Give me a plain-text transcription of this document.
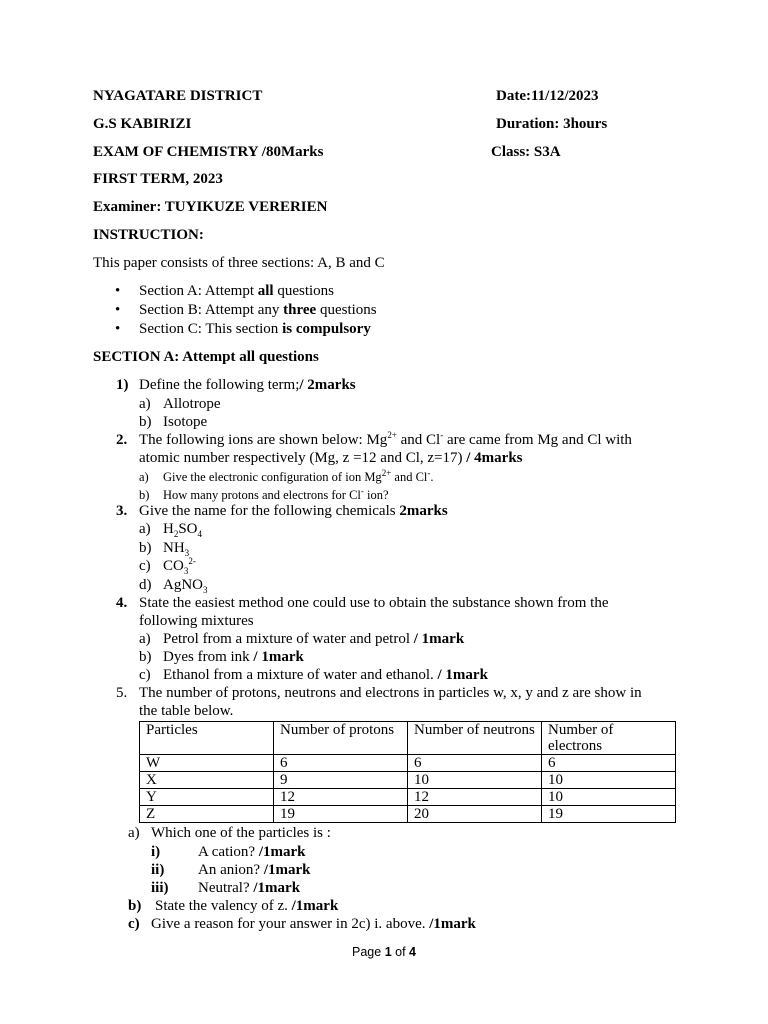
NYAGATARE DISTRICT	Date:11/12/2023
G.S KABIRIZI	Duration: 3hours
EXAM OF CHEMISTRY /80Marks	Class: S3A
FIRST TERM, 2023
Examiner: TUYIKUZE VERERIEN
INSTRUCTION:
This paper consists of three sections: A, B and C
• Section A: Attempt all questions
• Section B: Attempt any three questions
• Section C: This section is compulsory
SECTION A: Attempt all questions
1) Define the following term;/ 2marks
a) Allotrope
b) Isotope
2. The following ions are shown below: $Mg^{2+}$ and Cl- are came from Mg and Cl with
atomic number respectively (Mg, z =12 and Cl, z=17) / 4marks
a) Give the electronic configuration of ion $Mg^{2+}$ and Cl-.
b) How many protons and electrons for Cl- ion?
3. Give the name for the following chemicals 2marks
a) $H_2SO_4$
b) $NH_3$
c) $CO_3^{2-}$
d) AgNO$_3$
4. State the easiest method one could use to obtain the substance shown from the
following mixtures
a) Petrol from a mixture of water and petrol / 1mark
b) Dyes from ink / 1mark
c) Ethanol from a mixture of water and ethanol. / 1mark
5. The number of protons, neutrons and electrons in particles w, x, y and z are show in
the table below.
Particles	Number of protons	Number of neutrons	Number of electrons
W	6	6	6
X	9	10	10
Y	12	12	10
Z	19	20	19
a) Which one of the particles is :
i)	A cation? /1mark
ii) An anion? /1mark
iii) Neutral? /1mark
b) State the valency of z. /1mark
c) Give a reason for your answer in 2c) i. above. /1mark
Page 1 of 4
